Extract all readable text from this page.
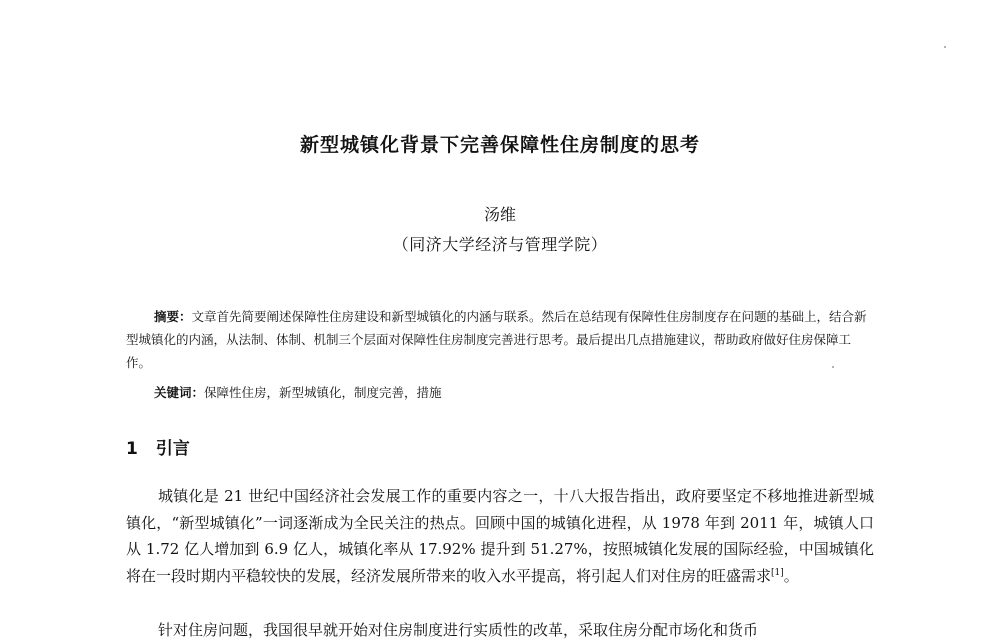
新型城镇化背景下完善保障性住房制度的思考
汤维
（同济大学经济与管理学院）
摘要：文章首先简要阐述保障性住房建设和新型城镇化的内涵与联系。然后在总结现有保障性住房制度存在问题的基础上，结合新型城镇化的内涵，从法制、体制、机制三个层面对保障性住房制度完善进行思考。最后提出几点措施建议，帮助政府做好住房保障工作。
关键词：保障性住房，新型城镇化，制度完善，措施
1 引言
城镇化是 21 世纪中国经济社会发展工作的重要内容之一，十八大报告指出，政府要坚定不移地推进新型城镇化，“新型城镇化”一词逐渐成为全民关注的热点。回顾中国的城镇化进程，从 1978 年到 2011 年，城镇人口从 1.72 亿人增加到 6.9 亿人，城镇化率从 17.92% 提升到 51.27%，按照城镇化发展的国际经验，中国城镇化将在一段时期内平稳较快的发展，经济发展所带来的收入水平提高，将引起人们对住房的旺盛需求[1]。
针对住房问题，我国很早就开始对住房制度进行实质性的改革，采取住房分配市场化和货币
